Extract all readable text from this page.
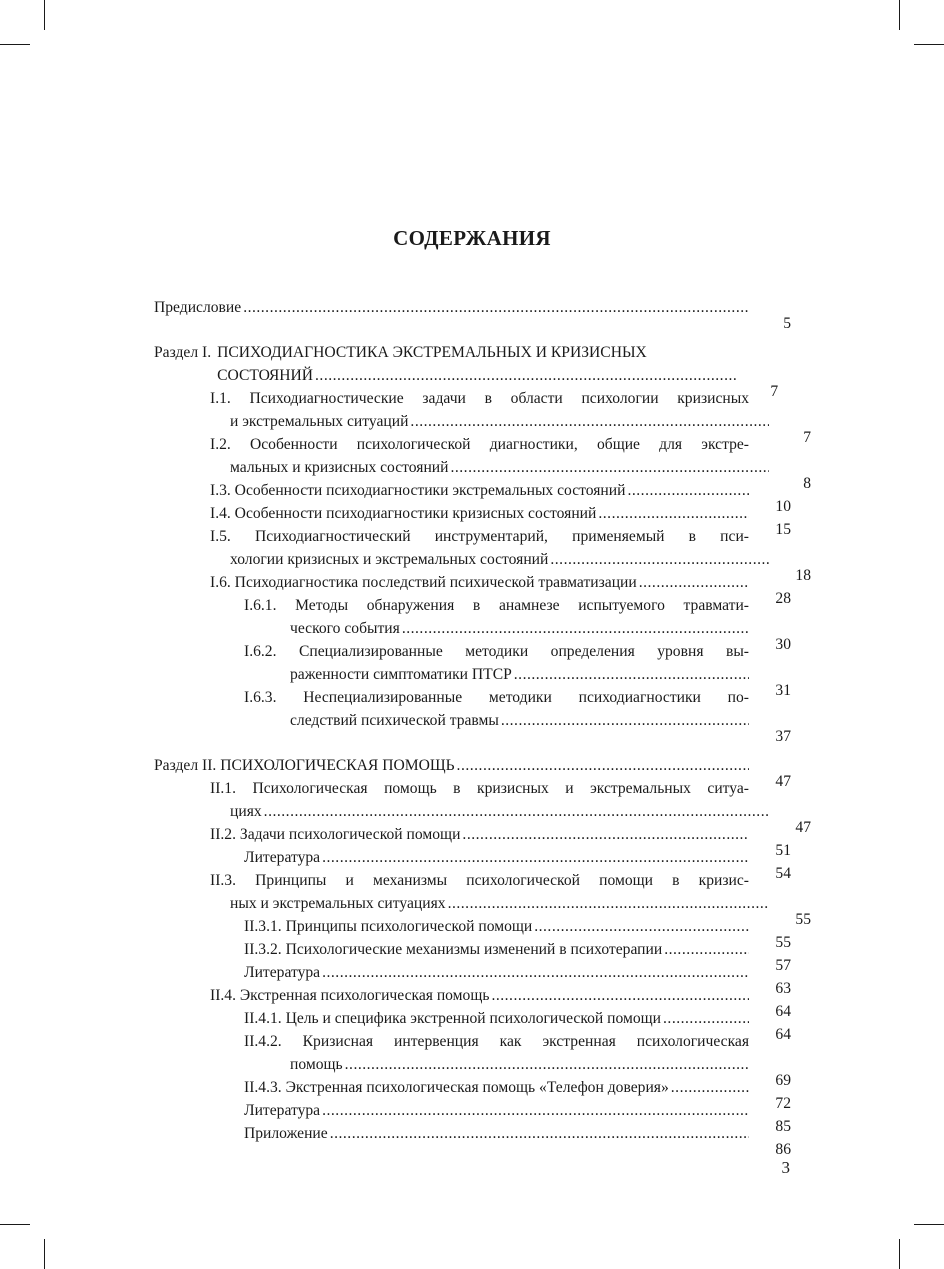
СОДЕРЖАНИЯ
Предисловие
.....
5
Раздел I. ПСИХОДИАГНОСТИКА ЭКСТРЕМАЛЬНЫХ И КРИЗИСНЫХ
СОСТОЯНИЙ
.....
7
I.1. Психодиагностические задачи в области психологии кризисных
и экстремальных ситуаций
.....
7
I.2. Особенности психологической диагностики, общие для экстре-
мальных и кризисных состояний
.....
8
I.3. Особенности психодиагностики экстремальных состояний
.....
10
I.4. Особенности психодиагностики кризисных состояний
.....
15
I.5. Психодиагностический инструментарий, применяемый в пси-
хологии кризисных и экстремальных состояний
.....
18
I.6. Психодиагностика последствий психической травматизации
.....
28
I.6.1. Методы обнаружения в анамнезе испытуемого травмати-
ческого события
.....
30
I.6.2. Специализированные методики определения уровня вы-
раженности симптоматики ПТСР
.....
31
I.6.3. Неспециализированные методики психодиагностики по-
следствий психической травмы
.....
37
Раздел II. ПСИХОЛОГИЧЕСКАЯ ПОМОЩЬ
.....
47
II.1. Психологическая помощь в кризисных и экстремальных ситуа-
циях
.....
47
II.2. Задачи психологической помощи
.....
51
Литература
.....
54
II.3. Принципы и механизмы психологической помощи в кризис-
ных и экстремальных ситуациях
.....
55
II.3.1. Принципы психологической помощи
.....
55
II.3.2. Психологические механизмы изменений в психотерапии
.....
57
Литература
.....
63
II.4. Экстренная психологическая помощь
.....
64
II.4.1. Цель и специфика экстренной психологической помощи
.....
64
II.4.2. Кризисная интервенция как экстренная психологическая
помощь
.....
69
II.4.3. Экстренная психологическая помощь «Телефон доверия»
.....
72
Литература
.....
85
Приложение
.....
86
3
